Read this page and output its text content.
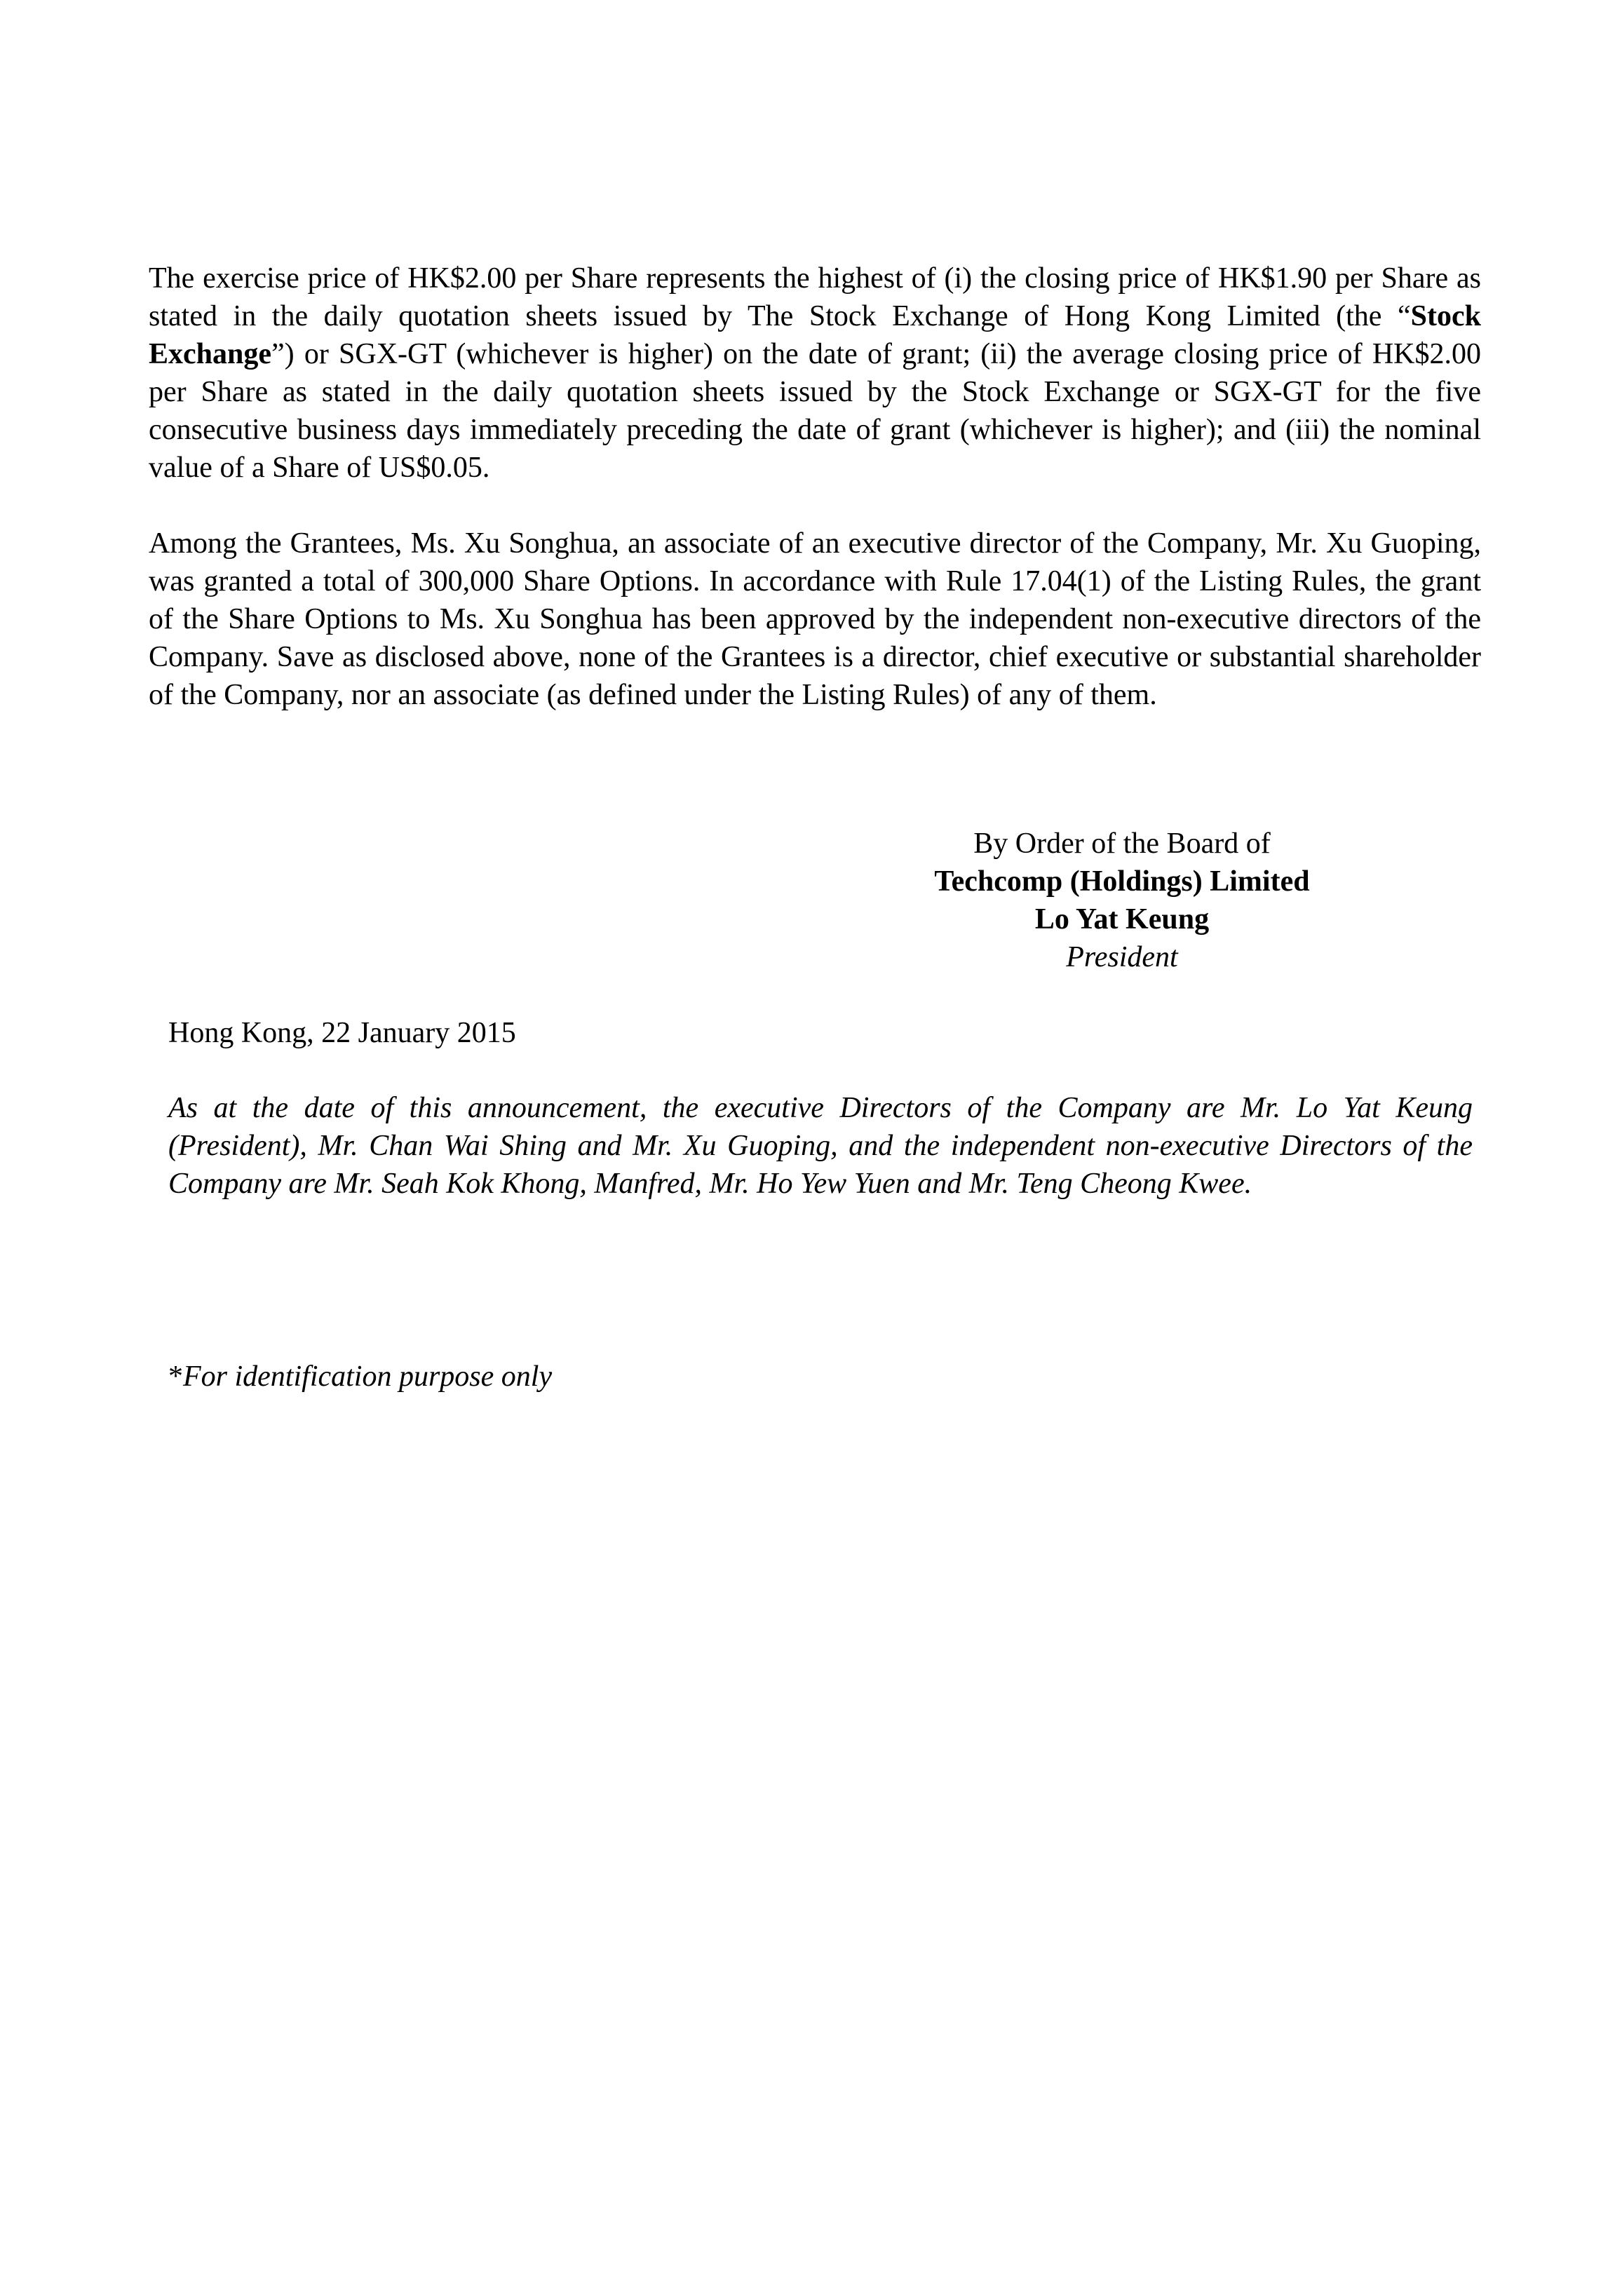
The exercise price of HK$2.00 per Share represents the highest of (i) the closing price of HK$1.90 per Share as stated in the daily quotation sheets issued by The Stock Exchange of Hong Kong Limited (the “Stock Exchange”) or SGX-GT (whichever is higher) on the date of grant; (ii) the average closing price of HK$2.00 per Share as stated in the daily quotation sheets issued by the Stock Exchange or SGX-GT for the five consecutive business days immediately preceding the date of grant (whichever is higher); and (iii) the nominal value of a Share of US$0.05.

Among the Grantees, Ms. Xu Songhua, an associate of an executive director of the Company, Mr. Xu Guoping, was granted a total of 300,000 Share Options. In accordance with Rule 17.04(1) of the Listing Rules, the grant of the Share Options to Ms. Xu Songhua has been approved by the independent non-executive directors of the Company. Save as disclosed above, none of the Grantees is a director, chief executive or substantial shareholder of the Company, nor an associate (as defined under the Listing Rules) of any of them.

By Order of the Board of
Techcomp (Holdings) Limited
Lo Yat Keung
President
Hong Kong, 22 January 2015

As at the date of this announcement, the executive Directors of the Company are Mr. Lo Yat Keung (President), Mr. Chan Wai Shing and Mr. Xu Guoping, and the independent non-executive Directors of the Company are Mr. Seah Kok Khong, Manfred, Mr. Ho Yew Yuen and Mr. Teng Cheong Kwee.

*For identification purpose only
